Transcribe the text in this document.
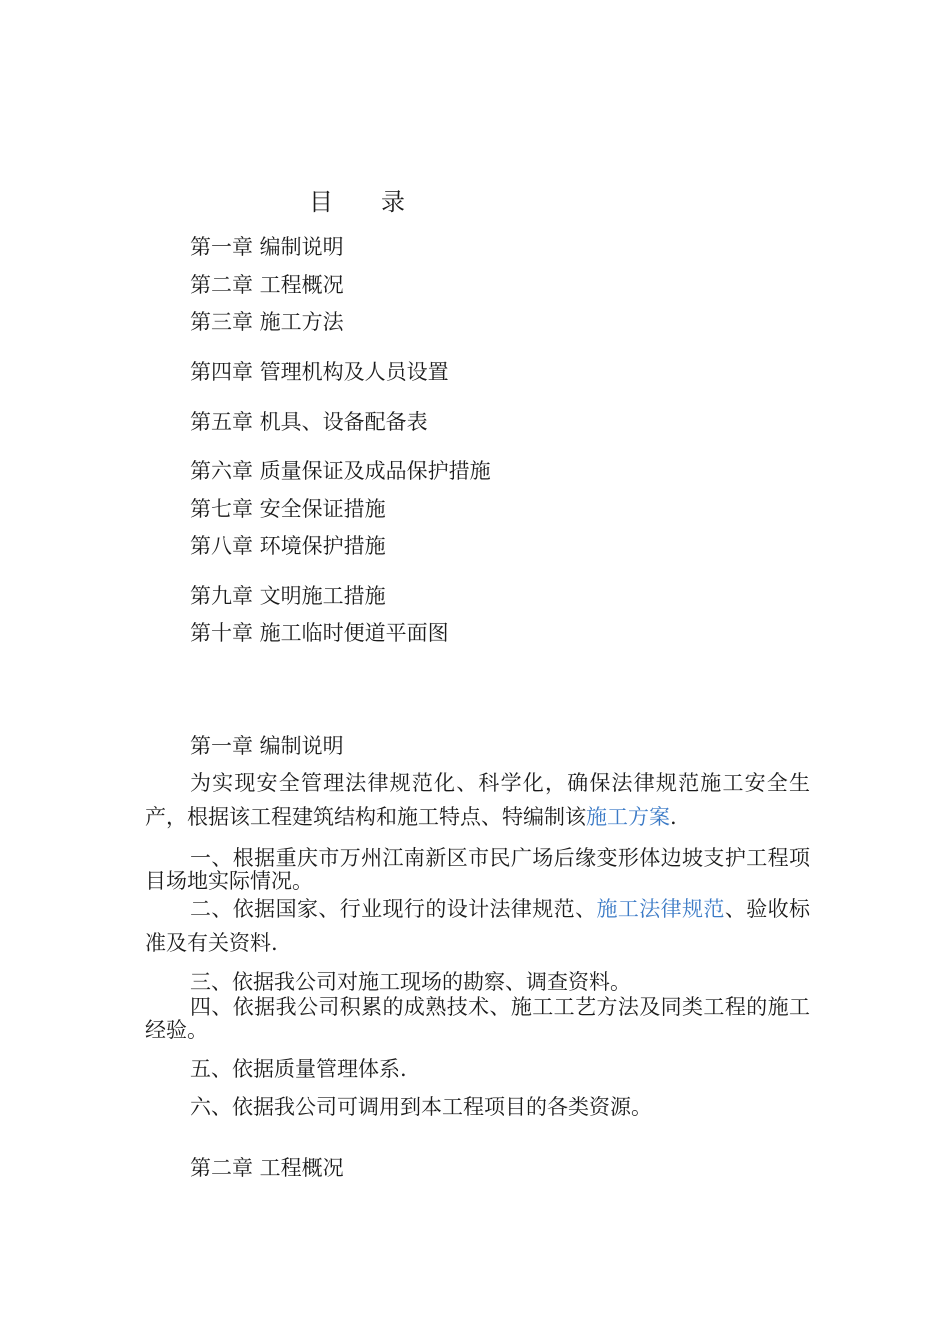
目　　录
第一章 编制说明
第二章 工程概况
第三章 施工方法
第四章 管理机构及人员设置
第五章 机具、设备配备表
第六章 质量保证及成品保护措施
第七章 安全保证措施
第八章 环境保护措施
第九章 文明施工措施
第十章 施工临时便道平面图
第一章 编制说明
为实现安全管理法律规范化、科学化，确保法律规范施工安全生产，根据该工程建筑结构和施工特点、特编制该施工方案.
一、根据重庆市万州江南新区市民广场后缘变形体边坡支护工程项目场地实际情况。
二、依据国家、行业现行的设计法律规范、施工法律规范、验收标准及有关资料.
三、依据我公司对施工现场的勘察、调查资料。
四、依据我公司积累的成熟技术、施工工艺方法及同类工程的施工经验。
五、依据质量管理体系.
六、依据我公司可调用到本工程项目的各类资源。
第二章 工程概况
